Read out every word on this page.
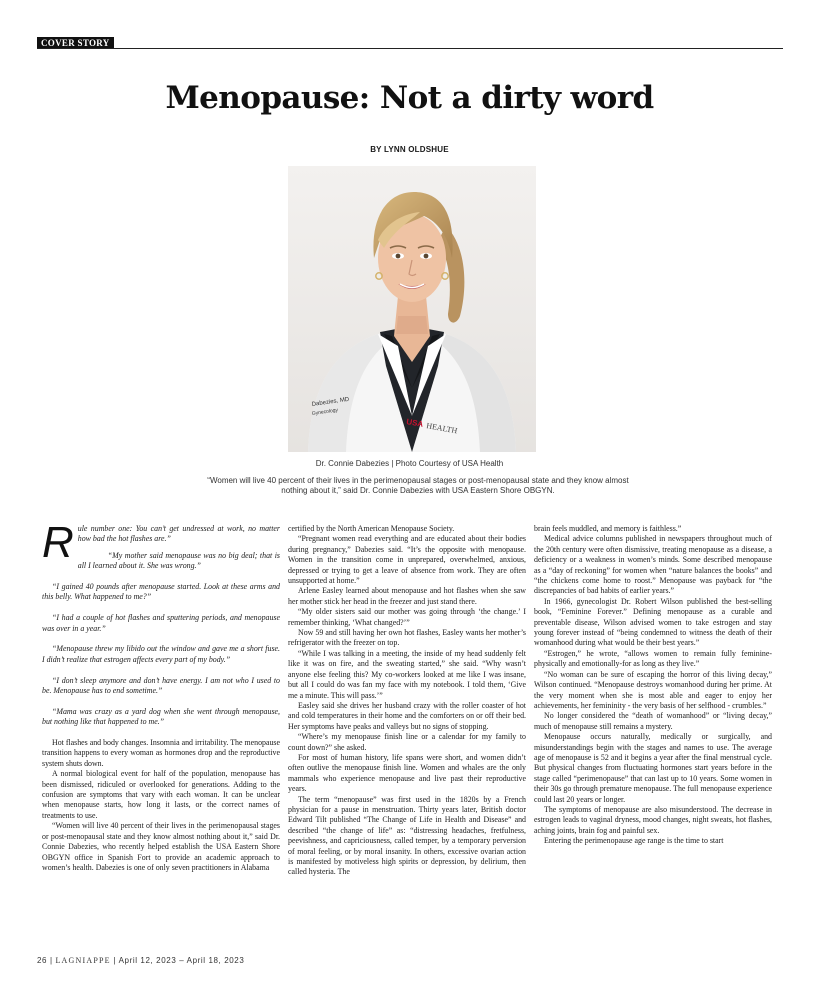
COVER STORY
Menopause: Not a dirty word
BY LYNN OLDSHUE
Dabezies, MD
Gynecology
USA HEALTH
Dr. Connie Dabezies | Photo Courtesy of USA Health
“Women will live 40 percent of their lives in the perimenopausal stages or post-menopausal state and they know almost nothing about it,” said Dr. Connie Dabezies with USA Eastern Shore OBGYN.
R ule number one: You can’t get undressed at work, no matter how bad the hot flashes are.”

“My mother said menopause was no big deal; that is all I learned about it. She was wrong.”

“I gained 40 pounds after menopause started. Look at these arms and this belly. What happened to me?”

“I had a couple of hot flashes and sputtering periods, and menopause was over in a year.”

“Menopause threw my libido out the window and gave me a short fuse. I didn’t realize that estrogen affects every part of my body.”

“I don’t sleep anymore and don’t have energy. I am not who I used to be. Menopause has to end sometime.”

“Mama was crazy as a yard dog when she went through menopause, but nothing like that happened to me.”

Hot flashes and body changes. Insomnia and irritability. The menopause transition happens to every woman as hormones drop and the reproductive system shuts down.

A normal biological event for half of the population, menopause has been dismissed, ridiculed or overlooked for generations. Adding to the confusion are symptoms that vary with each woman. It can be unclear when menopause starts, how long it lasts, or the correct names of treatments to use.

“Women will live 40 percent of their lives in the perimenopausal stages or post-menopausal state and they know almost nothing about it,” said Dr. Connie Dabezies, who recently helped establish the USA Eastern Shore OBGYN office in Spanish Fort to provide an academic approach to women’s health. Dabezies is one of only seven practitioners in Alabama

certified by the North American Menopause Society.

“Pregnant women read everything and are educated about their bodies during pregnancy,” Dabezies said. “It’s the opposite with menopause. Women in the transition come in unprepared, overwhelmed, anxious, depressed or trying to get a leave of absence from work. They are often unsupported at home.”

Arlene Easley learned about menopause and hot flashes when she saw her mother stick her head in the freezer and just stand there.

“My older sisters said our mother was going through ‘the change.’ I remember thinking, ‘What changed?’”

Now 59 and still having her own hot flashes, Easley wants her mother’s refrigerator with the freezer on top.

“While I was talking in a meeting, the inside of my head suddenly felt like it was on fire, and the sweating started,” she said. “Why wasn’t anyone else feeling this? My co-workers looked at me like I was insane, but all I could do was fan my face with my notebook. I told them, ‘Give me a minute. This will pass.’”

Easley said she drives her husband crazy with the roller coaster of hot and cold temperatures in their home and the comforters on or off their bed. Her symptoms have peaks and valleys but no signs of stopping.

“Where’s my menopause finish line or a calendar for my family to count down?” she asked.

For most of human history, life spans were short, and women didn’t often outlive the menopause finish line. Women and whales are the only mammals who experience menopause and live past their reproductive years.

The term “menopause” was first used in the 1820s by a French physician for a pause in menstruation. Thirty years later, British doctor Edward Tilt published “The Change of Life in Health and Disease” and described “the change of life” as: “distressing headaches, fretfulness, peevishness, and capriciousness, called temper, by a temporary perversion of moral feeling, or by moral insanity. In others, excessive ovarian action is manifested by motiveless high spirits or depression, by delirium, then called hysteria. The

brain feels muddled, and memory is faithless.”

Medical advice columns published in newspapers throughout much of the 20th century were often dismissive, treating menopause as a disease, a deficiency or a weakness in women’s minds. Some described menopause as a “day of reckoning” for women when “nature balances the books” and “the chickens come home to roost.” Menopause was payback for “the discrepancies of bad habits of earlier years.”

In 1966, gynecologist Dr. Robert Wilson published the best-selling book, “Feminine Forever.” Defining menopause as a curable and preventable disease, Wilson advised women to take estrogen and stay young forever instead of “being condemned to witness the death of their womanhood during what would be their best years.”

“Estrogen,” he wrote, “allows women to remain fully feminine-physically and emotionally-for as long as they live.”

“No woman can be sure of escaping the horror of this living decay,” Wilson continued. “Menopause destroys womanhood during her prime. At the very moment when she is most able and eager to enjoy her achievements, her femininity - the very basis of her selfhood - crumbles.”

No longer considered the “death of womanhood” or “living decay,” much of menopause still remains a mystery.

Menopause occurs naturally, medically or surgically, and misunderstandings begin with the stages and names to use. The average age of menopause is 52 and it begins a year after the final menstrual cycle. But physical changes from fluctuating hormones start years before in the stage called “perimenopause” that can last up to 10 years. Some women in their 30s go through premature menopause. The full menopause experience could last 20 years or longer.

The symptoms of menopause are also misunderstood. The decrease in estrogen leads to vaginal dryness, mood changes, night sweats, hot flashes, aching joints, brain fog and painful sex.

Entering the perimenopause age range is the time to start

26 | LAGNIAPPE | April 12, 2023 – April 18, 2023
